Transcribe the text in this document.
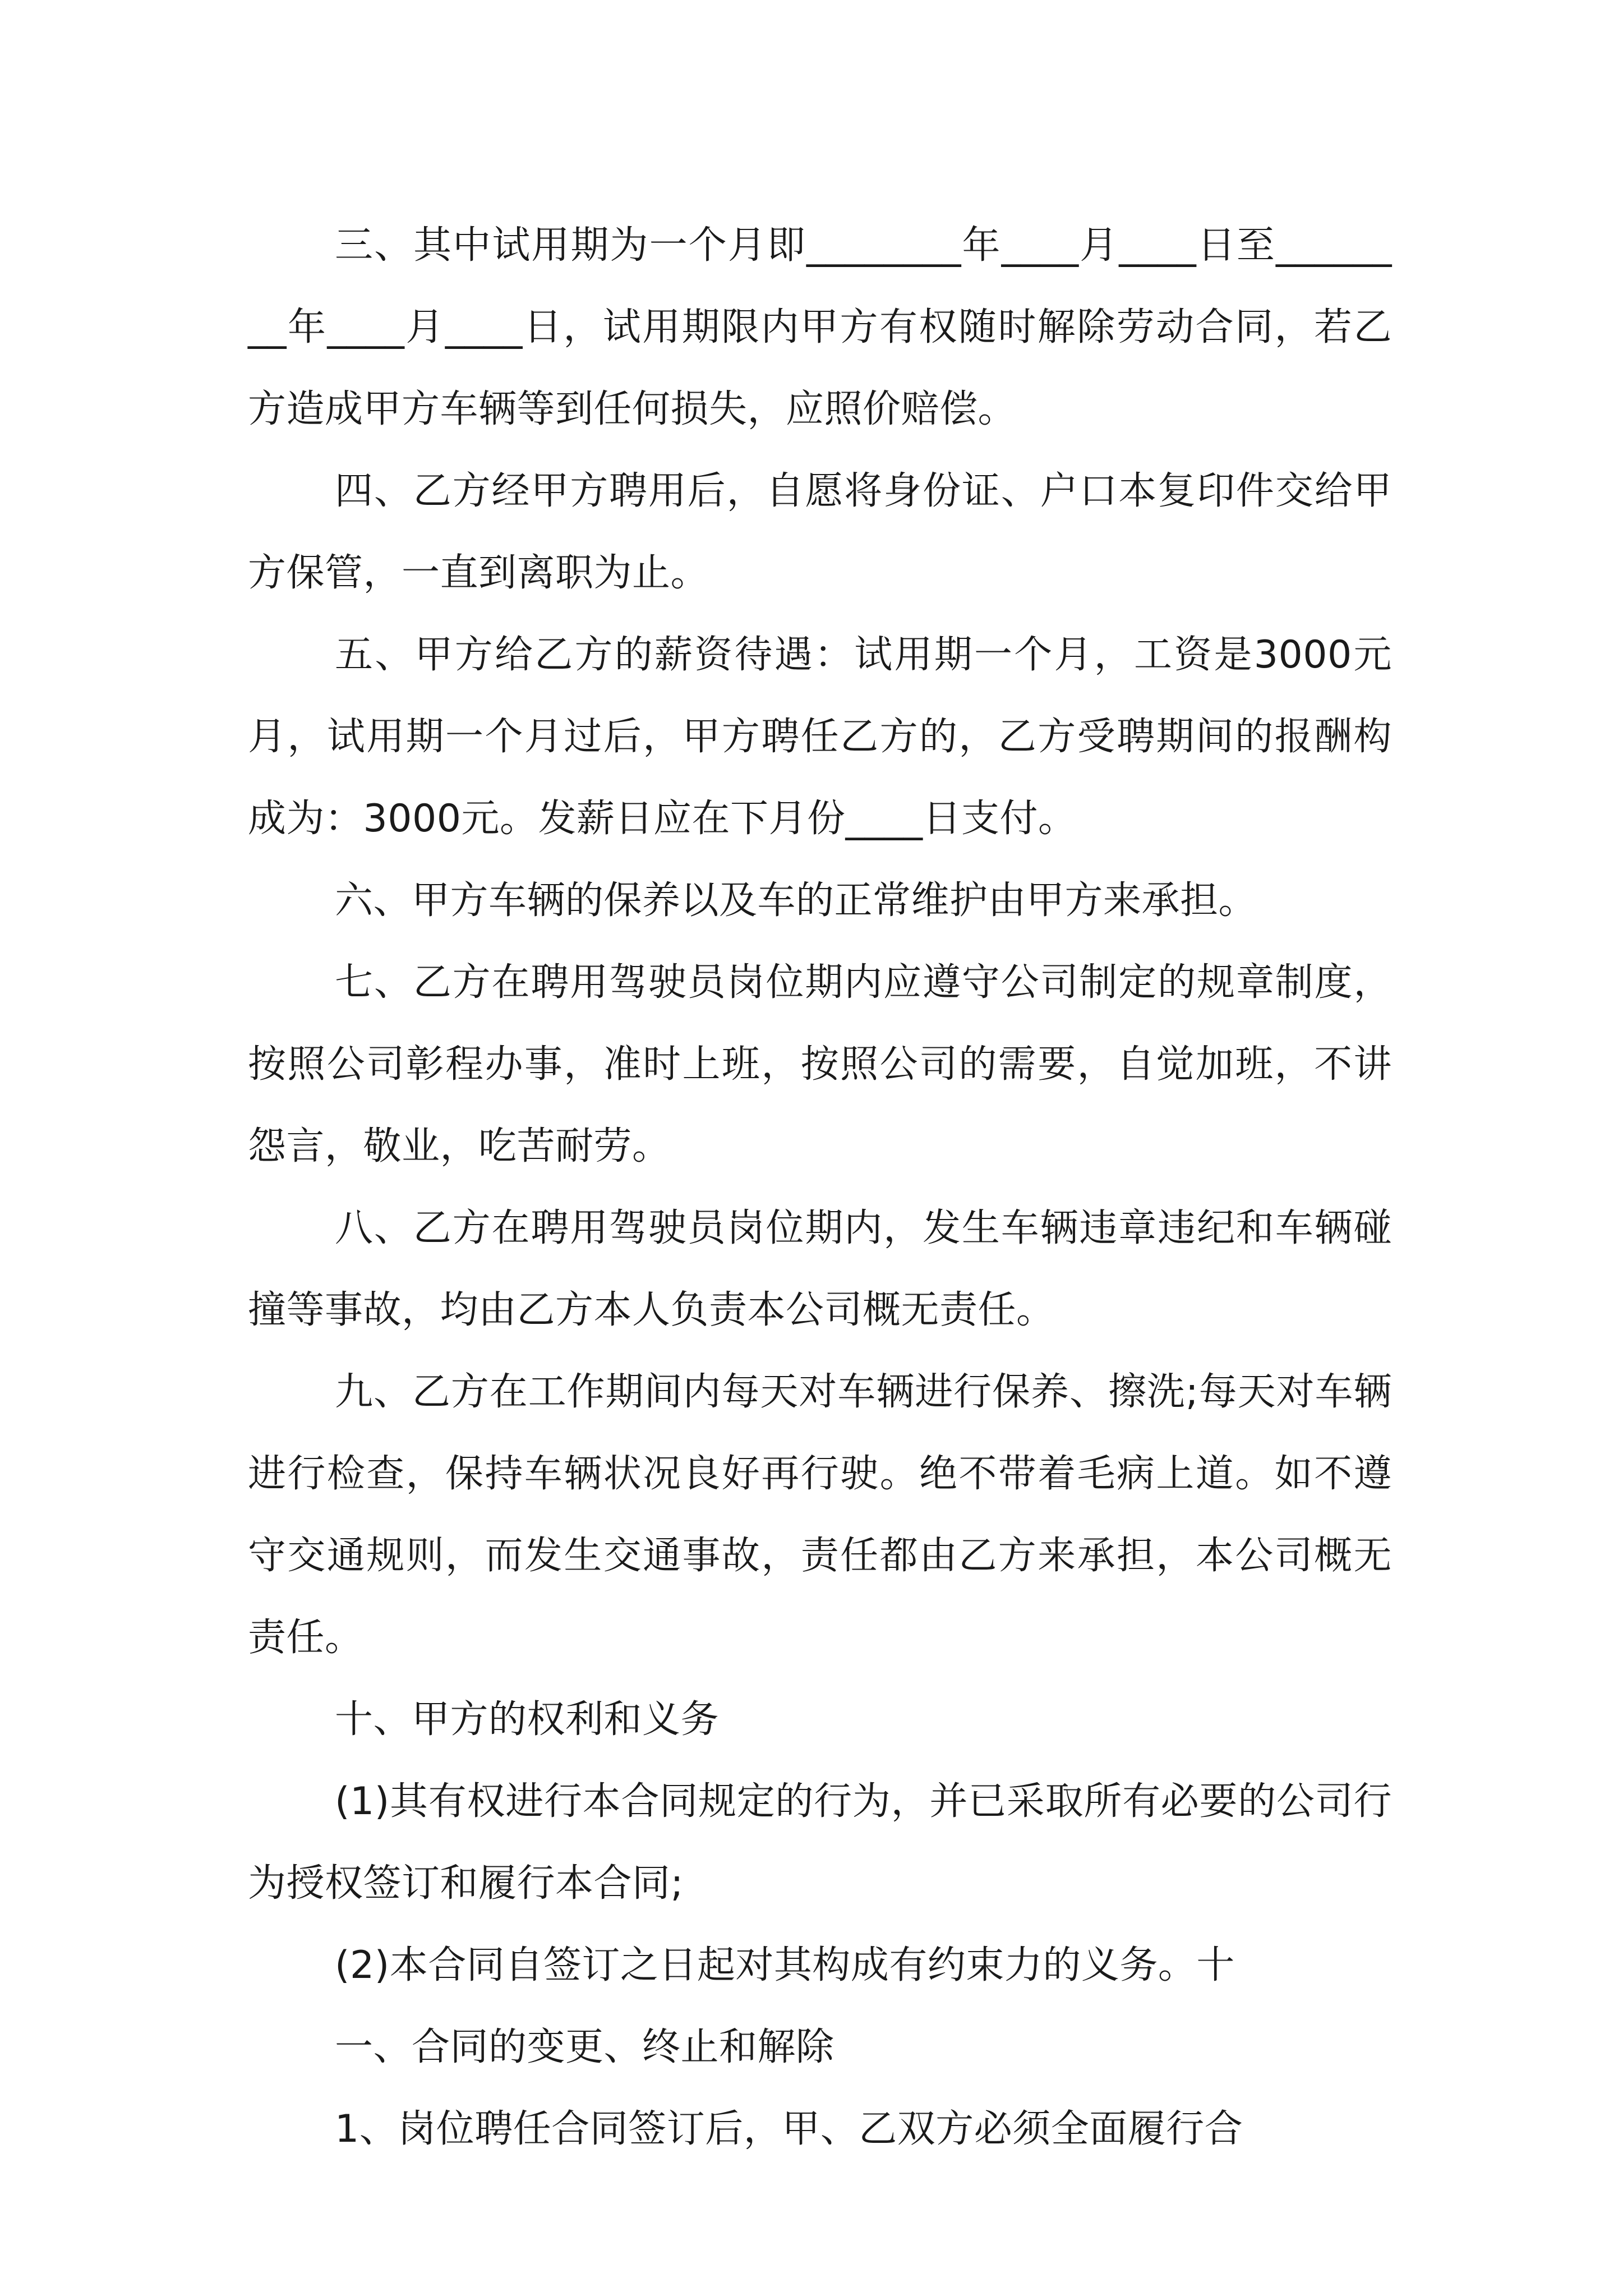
三、其中试用期为一个月即________年____月____日至________年____月____日，试用期限内甲方有权随时解除劳动合同，若乙方造成甲方车辆等到任何损失，应照价赔偿。

四、乙方经甲方聘用后，自愿将身份证、户口本复印件交给甲方保管，一直到离职为止。

五、甲方给乙方的薪资待遇：试用期一个月，工资是3000元月，试用期一个月过后，甲方聘任乙方的，乙方受聘期间的报酬构成为：3000元。发薪日应在下月份____日支付。

六、甲方车辆的保养以及车的正常维护由甲方来承担。

七、乙方在聘用驾驶员岗位期内应遵守公司制定的规章制度，按照公司彰程办事，准时上班，按照公司的需要，自觉加班，不讲怨言，敬业，吃苦耐劳。

八、乙方在聘用驾驶员岗位期内，发生车辆违章违纪和车辆碰撞等事故，均由乙方本人负责本公司概无责任。

九、乙方在工作期间内每天对车辆进行保养、擦洗;每天对车辆进行检查，保持车辆状况良好再行驶。绝不带着毛病上道。如不遵守交通规则，而发生交通事故，责任都由乙方来承担，本公司概无责任。

十、甲方的权利和义务

(1)其有权进行本合同规定的行为，并已采取所有必要的公司行为授权签订和履行本合同;

(2)本合同自签订之日起对其构成有约束力的义务。十

一、合同的变更、终止和解除

1、岗位聘任合同签订后，甲、乙双方必须全面履行合
